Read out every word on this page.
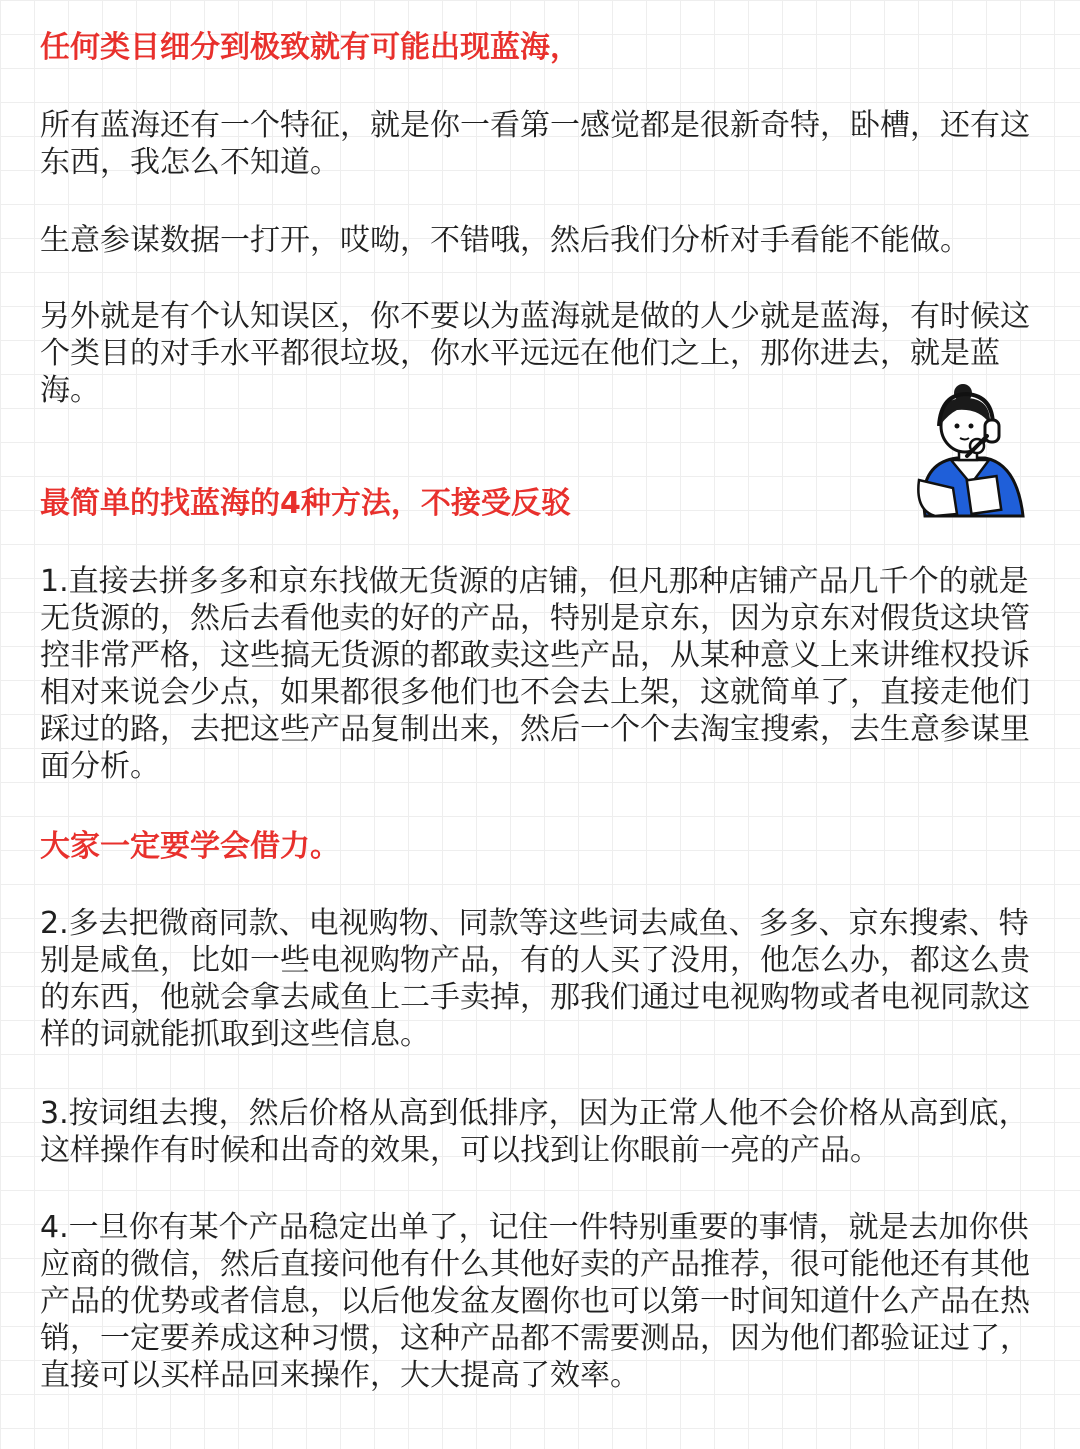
任何类目细分到极致就有可能出现蓝海，
所有蓝海还有一个特征，就是你一看第一感觉都是很新奇特，卧槽，还有这东西，我怎么不知道。
生意参谋数据一打开，哎呦，不错哦，然后我们分析对手看能不能做。
另外就是有个认知误区，你不要以为蓝海就是做的人少就是蓝海，有时候这个类目的对手水平都很垃圾，你水平远远在他们之上，那你进去，就是蓝海。
最简单的找蓝海的4种方法，不接受反驳
1.直接去拼多多和京东找做无货源的店铺，但凡那种店铺产品几千个的就是无货源的，然后去看他卖的好的产品，特别是京东，因为京东对假货这块管控非常严格，这些搞无货源的都敢卖这些产品，从某种意义上来讲维权投诉相对来说会少点，如果都很多他们也不会去上架，这就简单了，直接走他们踩过的路，去把这些产品复制出来，然后一个个去淘宝搜索，去生意参谋里面分析。
大家一定要学会借力。
2.多去把微商同款、电视购物、同款等这些词去咸鱼、多多、京东搜索、特别是咸鱼，比如一些电视购物产品，有的人买了没用，他怎么办，都这么贵的东西，他就会拿去咸鱼上二手卖掉，那我们通过电视购物或者电视同款这样的词就能抓取到这些信息。
3.按词组去搜，然后价格从高到低排序，因为正常人他不会价格从高到底，这样操作有时候和出奇的效果，可以找到让你眼前一亮的产品。
4.一旦你有某个产品稳定出单了，记住一件特别重要的事情，就是去加你供应商的微信，然后直接问他有什么其他好卖的产品推荐，很可能他还有其他产品的优势或者信息，以后他发盆友圈你也可以第一时间知道什么产品在热销，一定要养成这种习惯，这种产品都不需要测品，因为他们都验证过了，直接可以买样品回来操作，大大提高了效率。
